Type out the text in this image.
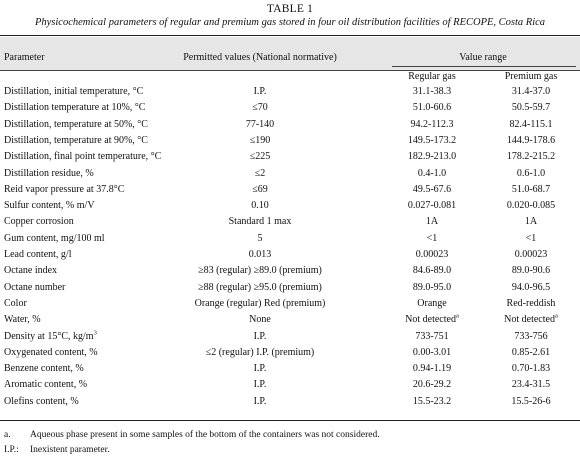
TABLE 1
Physicochemical parameters of regular and premium gas stored in four oil distribution facilities of RECOPE, Costa Rica
Parameter	Permitted values (National normative)	Value range
Regular gas	Premium gas
Distillation, initial temperature, °C	I.P.	31.1-38.3	31.4-37.0
Distillation temperature at 10%, °C	≤70	51.0-60.6	50.5-59.7
Distillation, temperature at 50%, °C	77-140	94.2-112.3	82.4-115.1
Distillation, temperature at 90%, °C	≤190	149.5-173.2	144.9-178.6
Distillation, final point temperature, °C	≤225	182.9-213.0	178.2-215.2
Distillation residue, %	≤2	0.4-1.0	0.6-1.0
Reid vapor pressure at 37.8°C	≤69	49.5-67.6	51.0-68.7
Sulfur content, % m/V	0.10	0.027-0.081	0.020-0.085
Copper corrosion	Standard 1 max	1A	1A
Gum content, mg/100 ml	5	<1	<1
Lead content, g/l	0.013	0.00023	0.00023
Octane index	≥83 (regular) ≥89.0 (premium)	84.6-89.0	89.0-90.6
Octane number	≥88 (regular) ≥95.0 (premium)	89.0-95.0	94.0-96.5
Color	Orange (regular) Red (premium)	Orange	Red-reddish
Water, %	None	Not detected$^a$	Not detected$^a$
Density at 15°C, $kg/m^3$	I.P.	733-751	733-756
Oxygenated content, %	≤2 (regular) I.P. (premium)	0.00-3.01	0.85-2.61
Benzene content, %	I.P.	0.94-1.19	0.70-1.83
Aromatic content, %	I.P.	20.6-29.2	23.4-31.5
Olefins content, %	I.P.	15.5-23.2	15.5-26-6
a. Aqueous phase present in some samples of the bottom of the containers was not considered.
I.P.: Inexistent parameter.
